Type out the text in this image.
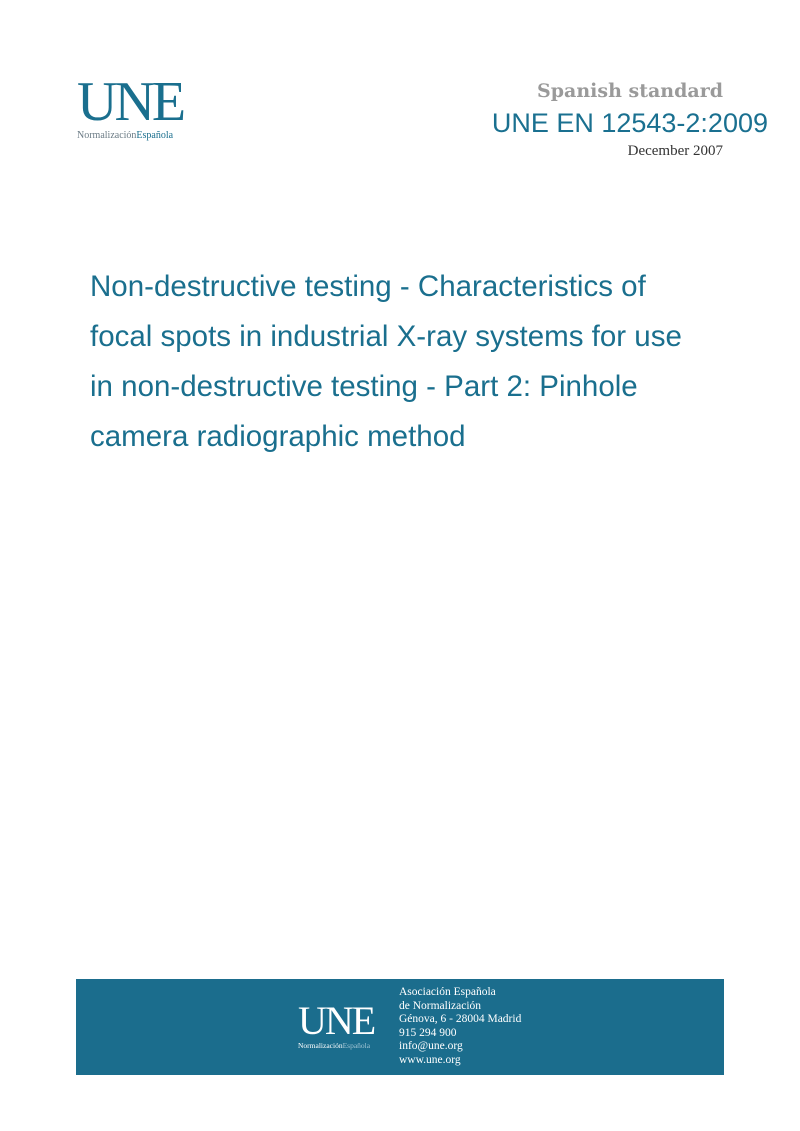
UNE
NormalizaciónEspañola
Spanish standard
UNE EN 12543-2:2009
December 2007
Non-destructive testing - Characteristics of focal spots in industrial X-ray systems for use in non-destructive testing - Part 2: Pinhole camera radiographic method
UNE
NormalizaciónEspañola
Asociación Española
de Normalización
Génova, 6 - 28004 Madrid
915 294 900
info@une.org
www.une.org
